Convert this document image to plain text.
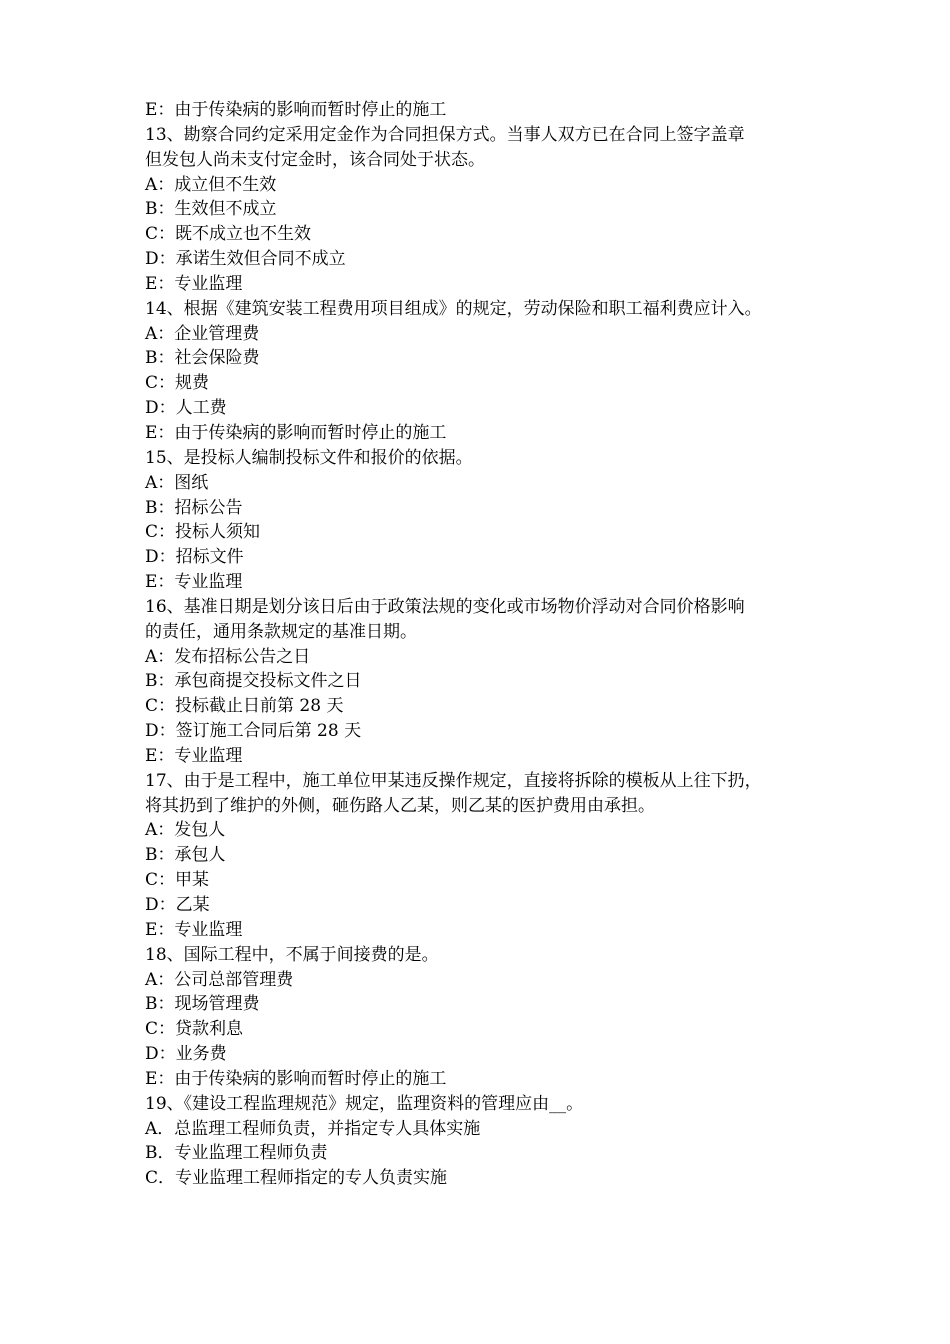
E：由于传染病的影响而暂时停止的施工
13、勘察合同约定采用定金作为合同担保方式。当事人双方已在合同上签字盖章
但发包人尚未支付定金时，该合同处于状态。
A：成立但不生效
B：生效但不成立
C：既不成立也不生效
D：承诺生效但合同不成立
E：专业监理
14、根据《建筑安装工程费用项目组成》的规定，劳动保险和职工福利费应计入。
A：企业管理费
B：社会保险费
C：规费
D：人工费
E：由于传染病的影响而暂时停止的施工
15、是投标人编制投标文件和报价的依据。
A：图纸
B：招标公告
C：投标人须知
D：招标文件
E：专业监理
16、基准日期是划分该日后由于政策法规的变化或市场物价浮动对合同价格影响
的责任，通用条款规定的基准日期。
A：发布招标公告之日
B：承包商提交投标文件之日
C：投标截止日前第 28 天
D：签订施工合同后第 28 天
E：专业监理
17、由于是工程中，施工单位甲某违反操作规定，直接将拆除的模板从上往下扔，
将其扔到了维护的外侧，砸伤路人乙某，则乙某的医护费用由承担。
A：发包人
B：承包人
C：甲某
D：乙某
E：专业监理
18、国际工程中，不属于间接费的是。
A：公司总部管理费
B：现场管理费
C：贷款利息
D：业务费
E：由于传染病的影响而暂时停止的施工
19、《建设工程监理规范》规定，监理资料的管理应由__。
A．总监理工程师负责，并指定专人具体实施
B．专业监理工程师负责
C．专业监理工程师指定的专人负责实施
